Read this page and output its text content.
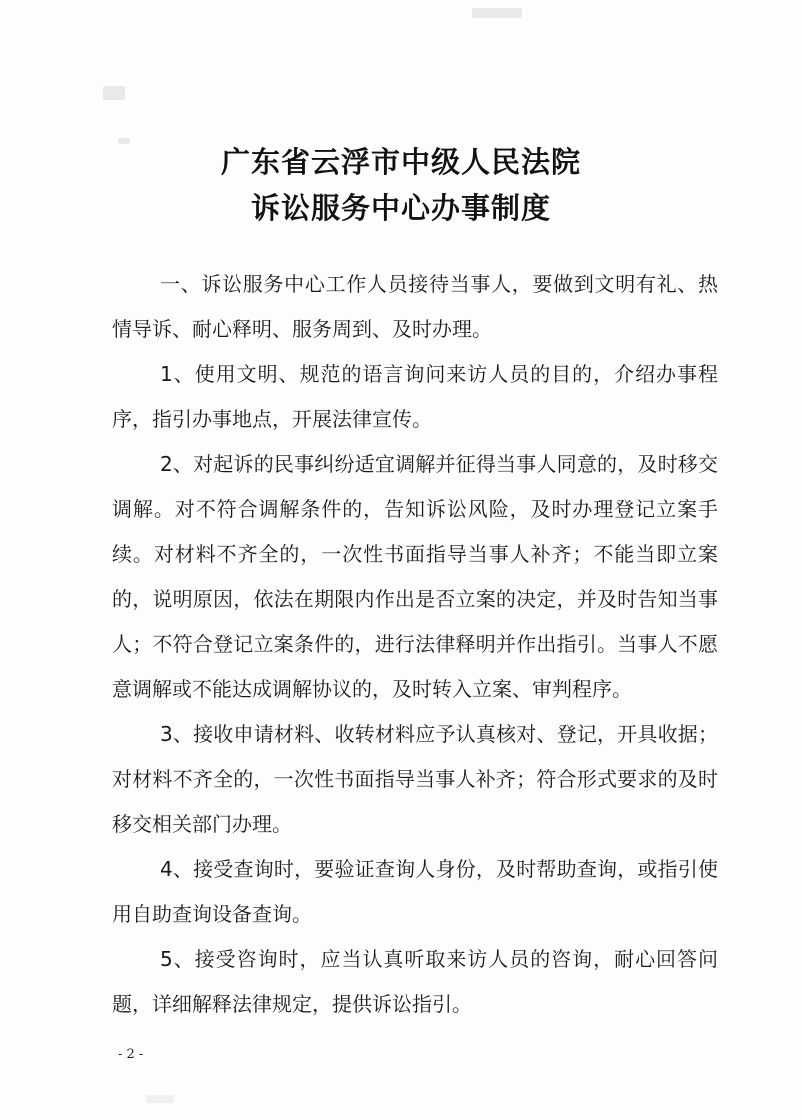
广东省云浮市中级人民法院
诉讼服务中心办事制度

一、诉讼服务中心工作人员接待当事人，要做到文明有礼、热情导诉、耐心释明、服务周到、及时办理。

1、使用文明、规范的语言询问来访人员的目的，介绍办事程序，指引办事地点，开展法律宣传。

2、对起诉的民事纠纷适宜调解并征得当事人同意的，及时移交调解。对不符合调解条件的，告知诉讼风险，及时办理登记立案手续。对材料不齐全的，一次性书面指导当事人补齐；不能当即立案的，说明原因，依法在期限内作出是否立案的决定，并及时告知当事人；不符合登记立案条件的，进行法律释明并作出指引。当事人不愿意调解或不能达成调解协议的，及时转入立案、审判程序。

3、接收申请材料、收转材料应予认真核对、登记，开具收据；对材料不齐全的，一次性书面指导当事人补齐；符合形式要求的及时移交相关部门办理。

4、接受查询时，要验证查询人身份，及时帮助查询，或指引使用自助查询设备查询。

5、接受咨询时，应当认真听取来访人员的咨询，耐心回答问题，详细解释法律规定，提供诉讼指引。

- 2 -
